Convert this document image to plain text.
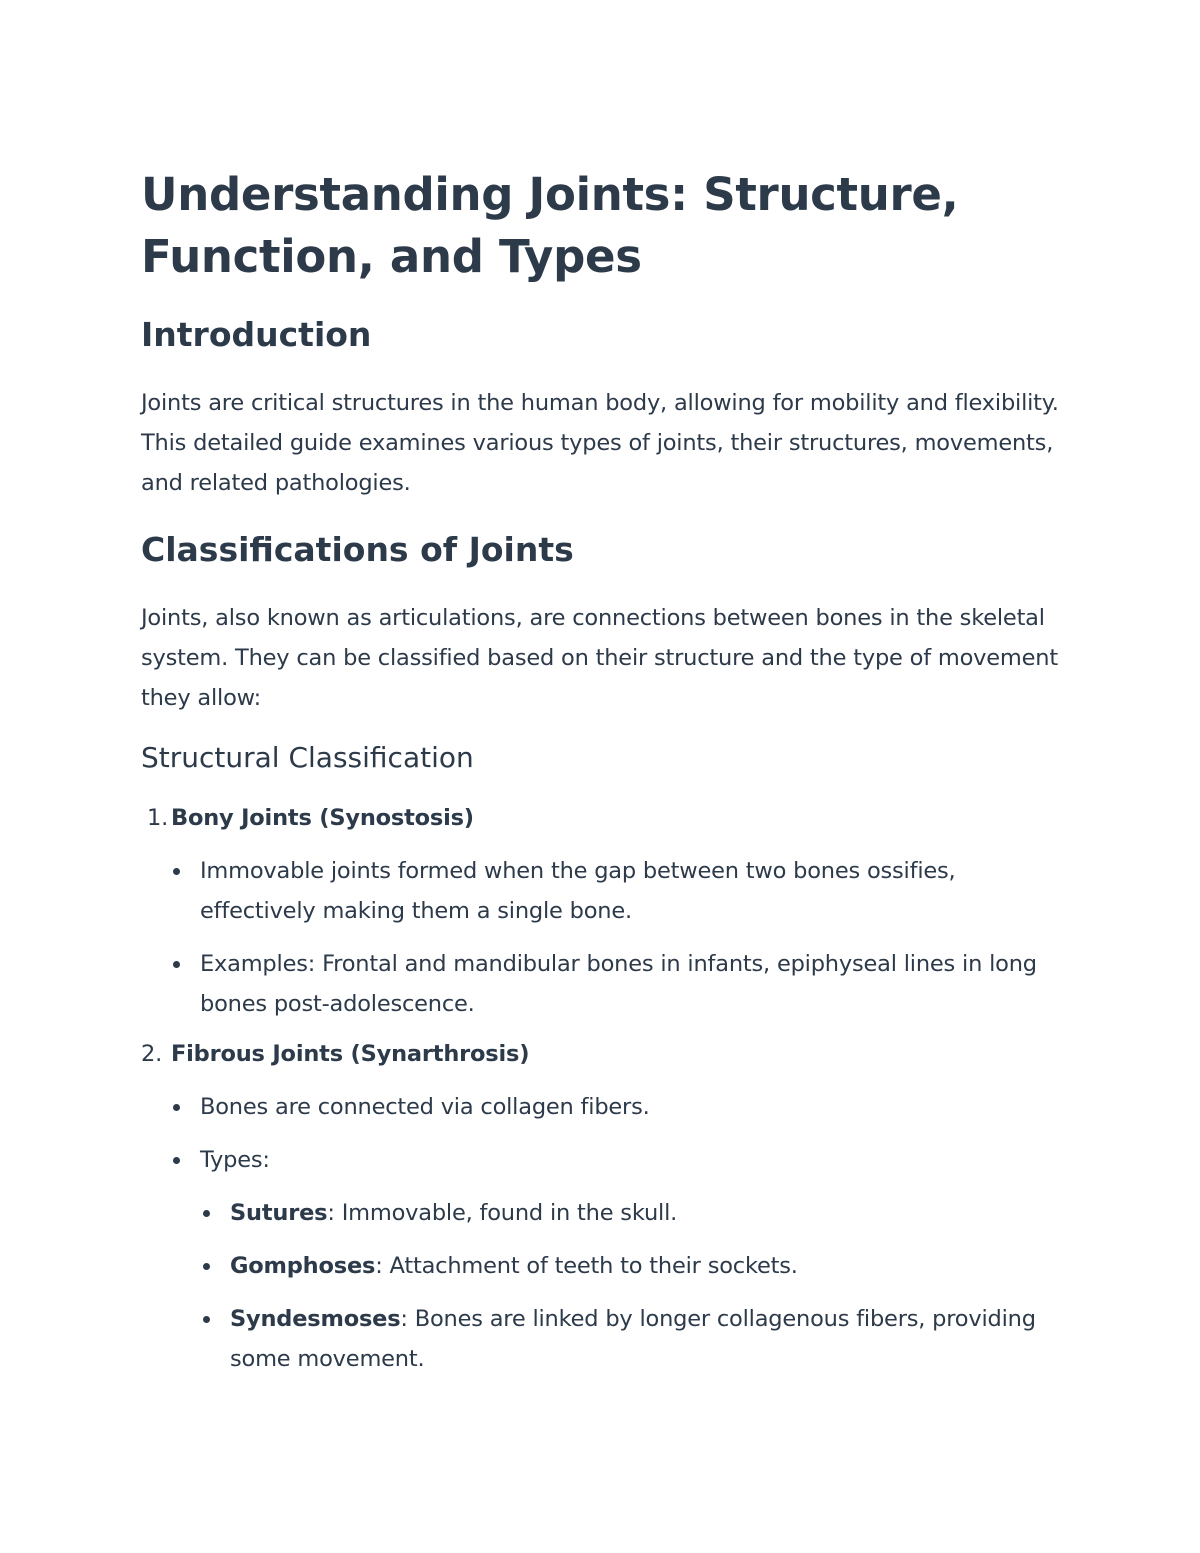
Understanding Joints: Structure, Function, and Types
Introduction

Joints are critical structures in the human body, allowing for mobility and flexibility. This detailed guide examines various types of joints, their structures, movements, and related pathologies.

Classifications of Joints

Joints, also known as articulations, are connections between bones in the skeletal system. They can be classified based on their structure and the type of movement they allow:

Structural Classification
1. Bony Joints (Synostosis)
Immovable joints formed when the gap between two bones ossifies, effectively making them a single bone.
Examples: Frontal and mandibular bones in infants, epiphyseal lines in long bones post-adolescence.
2. Fibrous Joints (Synarthrosis)
Bones are connected via collagen fibers.
Types:
Sutures: Immovable, found in the skull.
Gomphoses: Attachment of teeth to their sockets.
Syndesmoses: Bones are linked by longer collagenous fibers, providing some movement.
